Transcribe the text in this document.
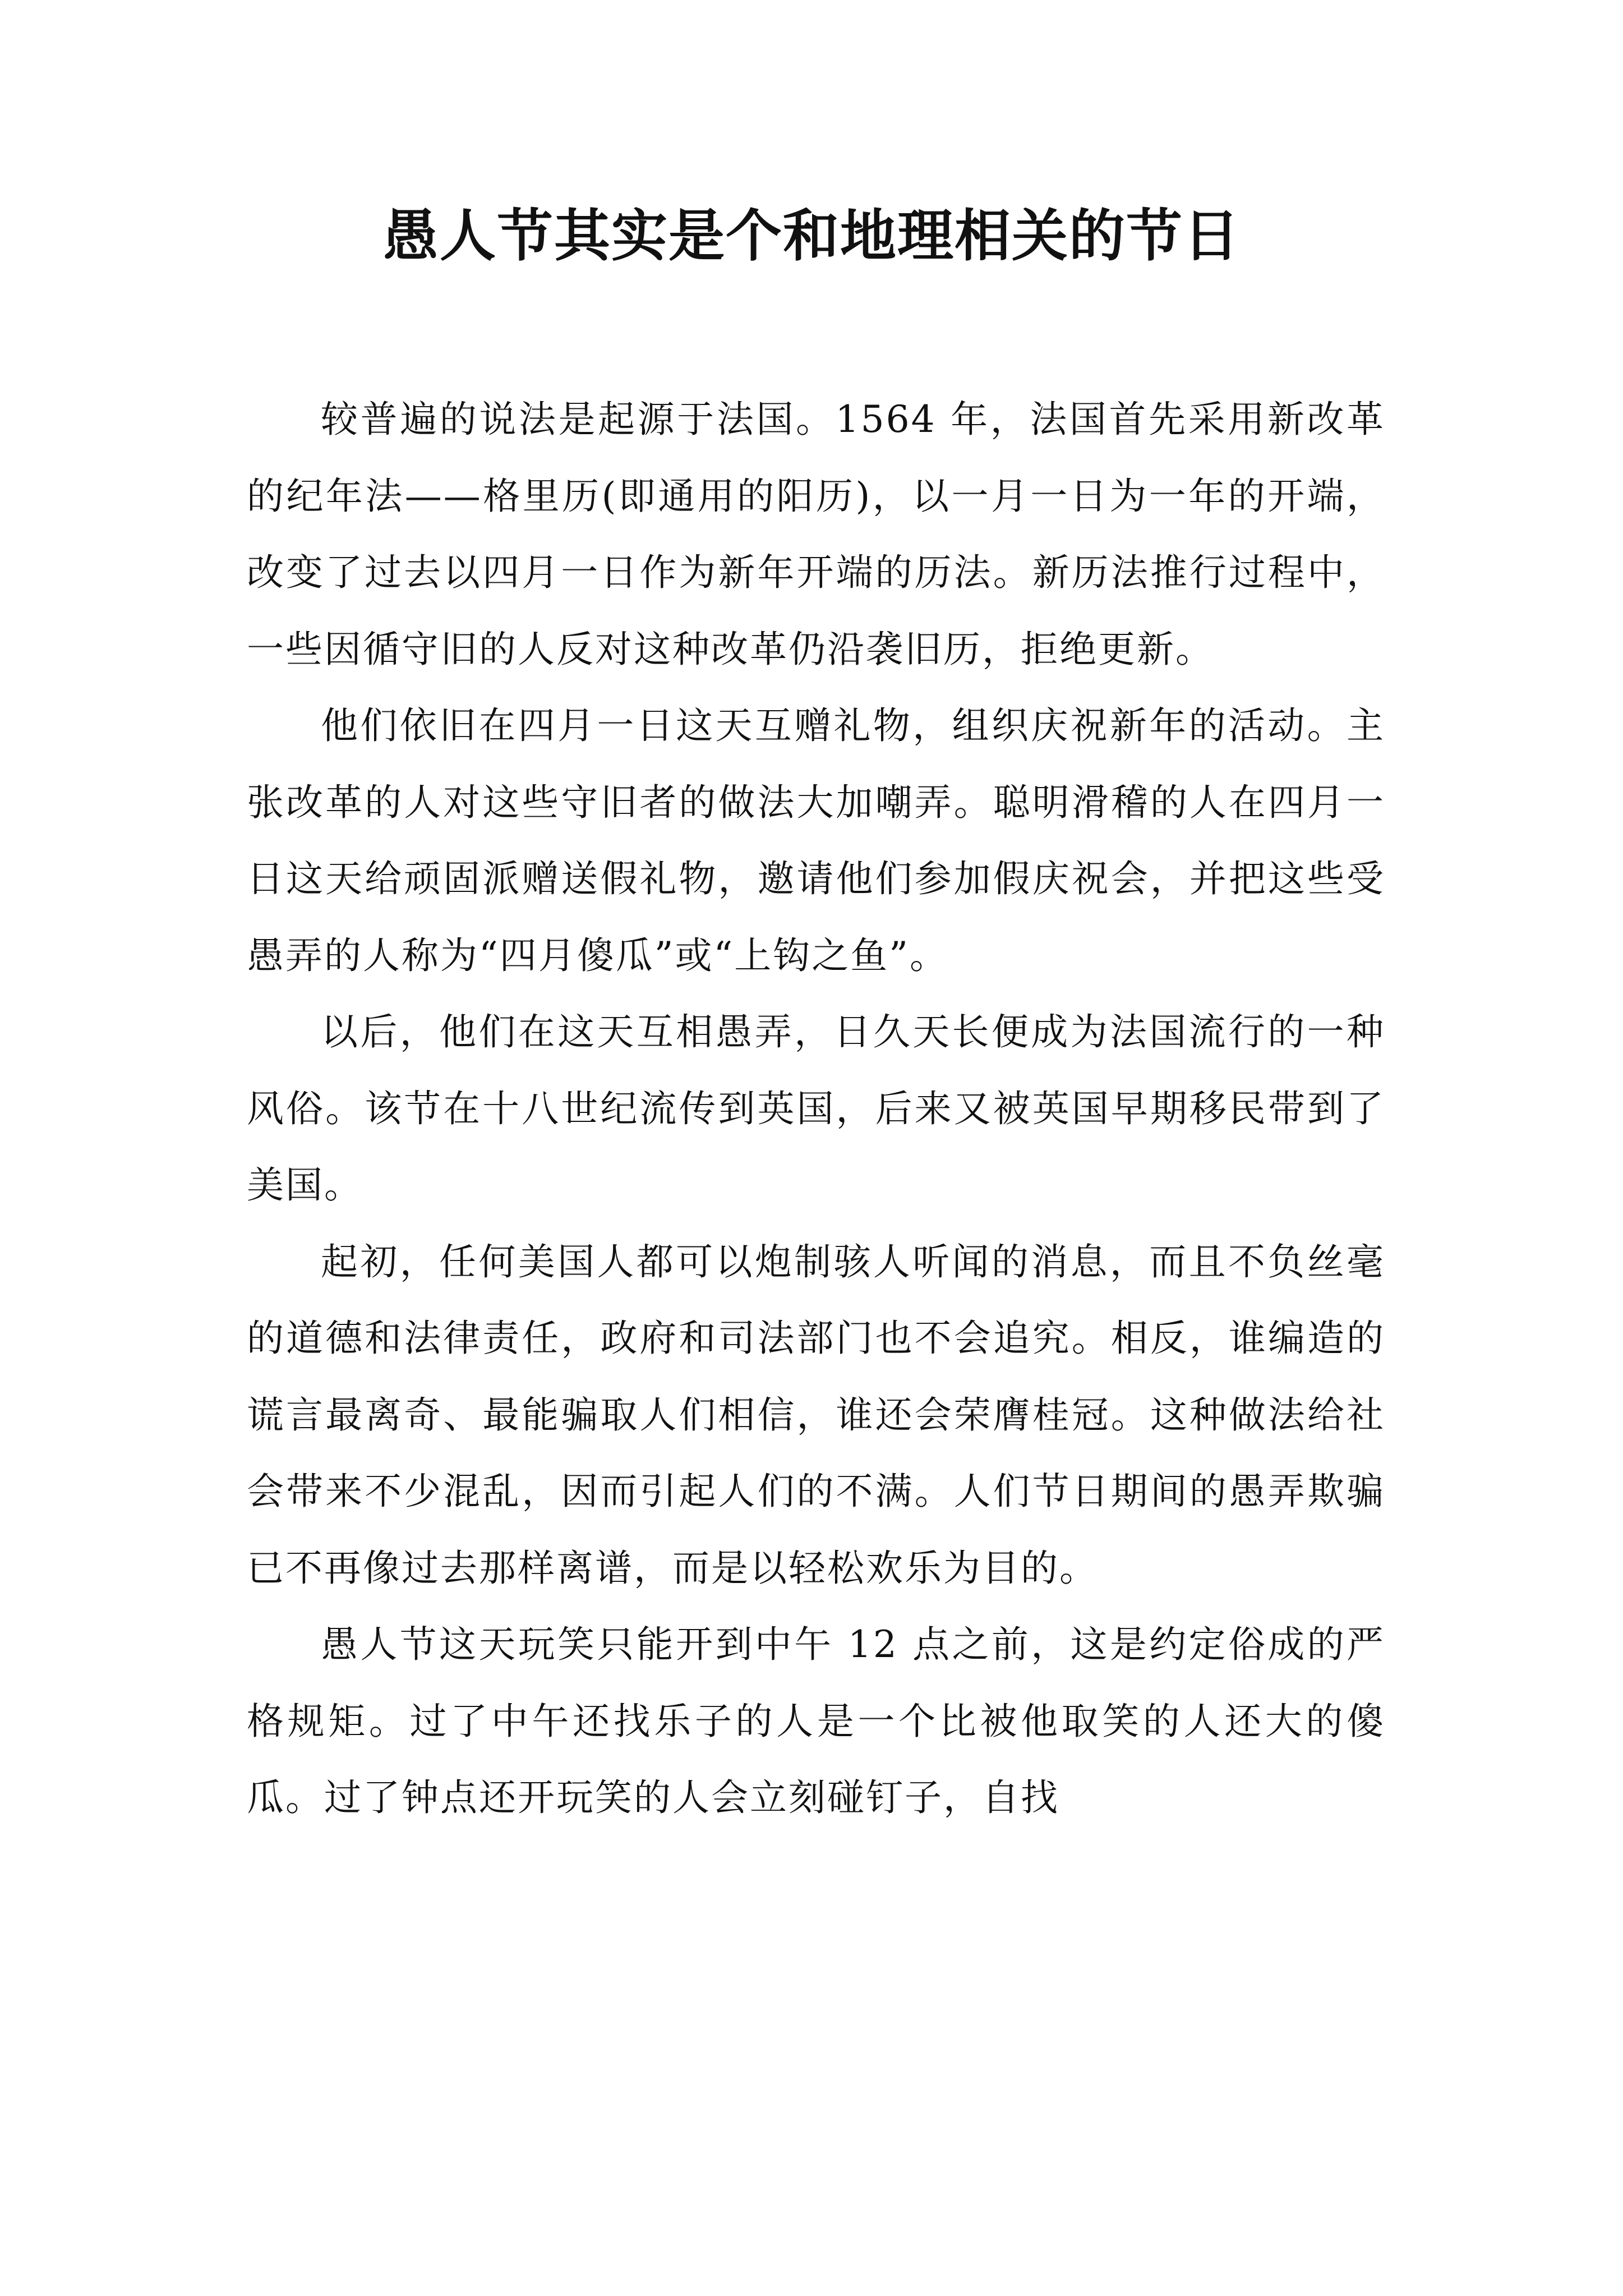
愚人节其实是个和地理相关的节日

较普遍的说法是起源于法国。1564 年，法国首先采用新改革的纪年法——格里历(即通用的阳历)，以一月一日为一年的开端，改变了过去以四月一日作为新年开端的历法。新历法推行过程中，一些因循守旧的人反对这种改革仍沿袭旧历，拒绝更新。

他们依旧在四月一日这天互赠礼物，组织庆祝新年的活动。主张改革的人对这些守旧者的做法大加嘲弄。聪明滑稽的人在四月一日这天给顽固派赠送假礼物，邀请他们参加假庆祝会，并把这些受愚弄的人称为“四月傻瓜”或“上钩之鱼”。

以后，他们在这天互相愚弄，日久天长便成为法国流行的一种风俗。该节在十八世纪流传到英国，后来又被英国早期移民带到了美国。

起初，任何美国人都可以炮制骇人听闻的消息，而且不负丝毫的道德和法律责任，政府和司法部门也不会追究。相反，谁编造的谎言最离奇、最能骗取人们相信，谁还会荣膺桂冠。这种做法给社会带来不少混乱，因而引起人们的不满。人们节日期间的愚弄欺骗已不再像过去那样离谱，而是以轻松欢乐为目的。

愚人节这天玩笑只能开到中午 12 点之前，这是约定俗成的严格规矩。过了中午还找乐子的人是一个比被他取笑的人还大的傻瓜。过了钟点还开玩笑的人会立刻碰钉子，自找
